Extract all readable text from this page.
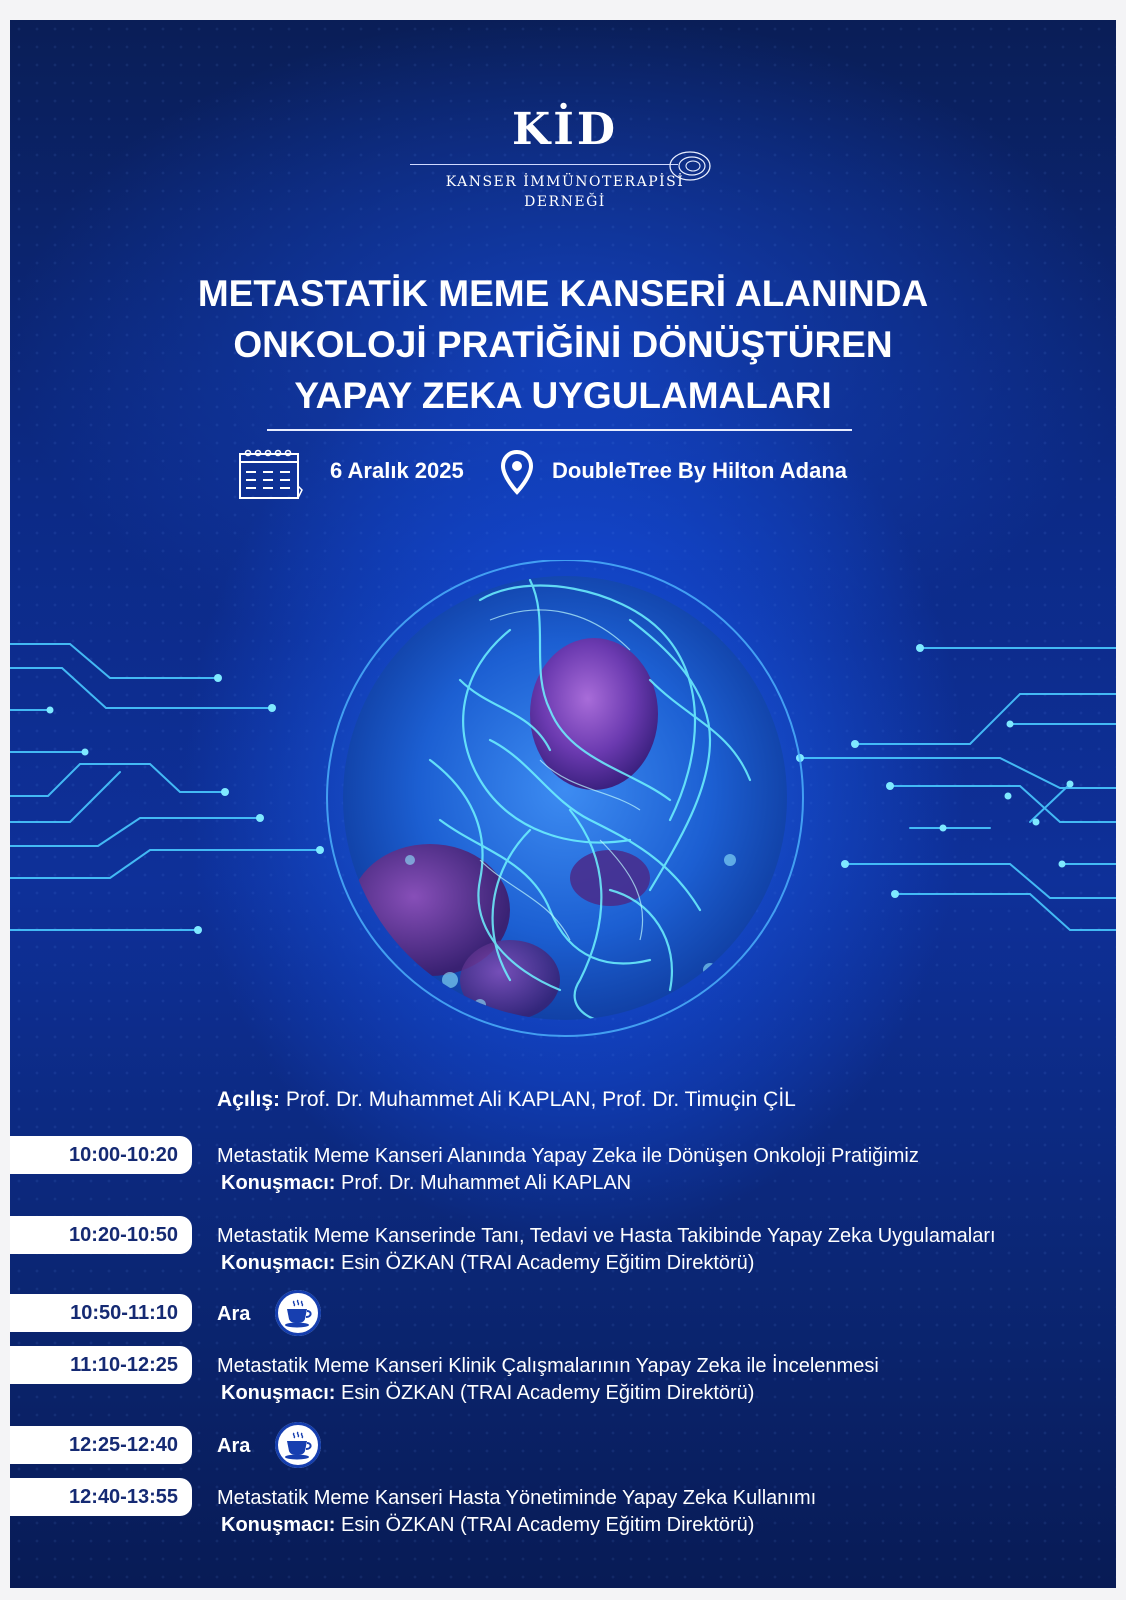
KİD
KANSER İMMÜNOTERAPİSİ
DERNEĞİ
METASTATİK MEME KANSERİ ALANINDA
ONKOLOJİ PRATİĞİNİ DÖNÜŞTÜREN
YAPAY ZEKA UYGULAMALARI
6 Aralık 2025	DoubleTree By Hilton Adana
Açılış: Prof. Dr. Muhammet Ali KAPLAN, Prof. Dr. Timuçin ÇİL
10:00-10:20	Metastatik Meme Kanseri Alanında Yapay Zeka ile Dönüşen Onkoloji Pratiğimiz
Konuşmacı: Prof. Dr. Muhammet Ali KAPLAN
10:20-10:50	Metastatik Meme Kanserinde Tanı, Tedavi ve Hasta Takibinde Yapay Zeka Uygulamaları
Konuşmacı: Esin ÖZKAN (TRAI Academy Eğitim Direktörü)
10:50-11:10	Ara
11:10-12:25	Metastatik Meme Kanseri Klinik Çalışmalarının Yapay Zeka ile İncelenmesi
Konuşmacı: Esin ÖZKAN (TRAI Academy Eğitim Direktörü)
12:25-12:40	Ara
12:40-13:55	Metastatik Meme Kanseri Hasta Yönetiminde Yapay Zeka Kullanımı
Konuşmacı: Esin ÖZKAN (TRAI Academy Eğitim Direktörü)
